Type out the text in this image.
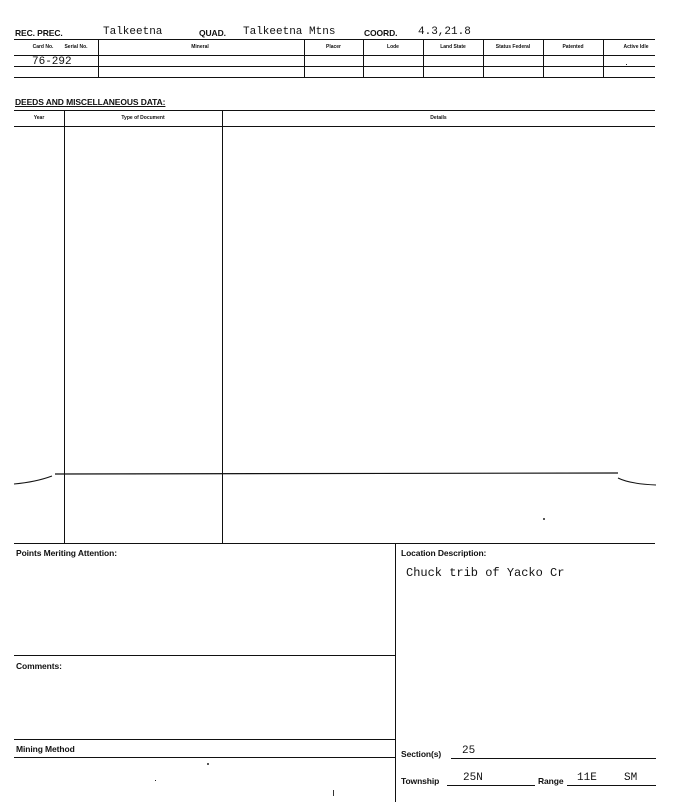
REC. PREC.	Talkeetna	QUAD. Talkeetna Mtns	COORD. 4.3,21.8
Card No.	Serial No.	Mineral	Placer	Lode	Land State	Status Federal	Patented	Active Idle
76-292
DEEDS AND MISCELLANEOUS DATA:
Year	Type of Document	Details
Points Meriting Attention:	Location Description:
Chuck trib of Yacko Cr
Comments:
Mining Method	Section(s) 25
Township 25N	Range 11E SM
